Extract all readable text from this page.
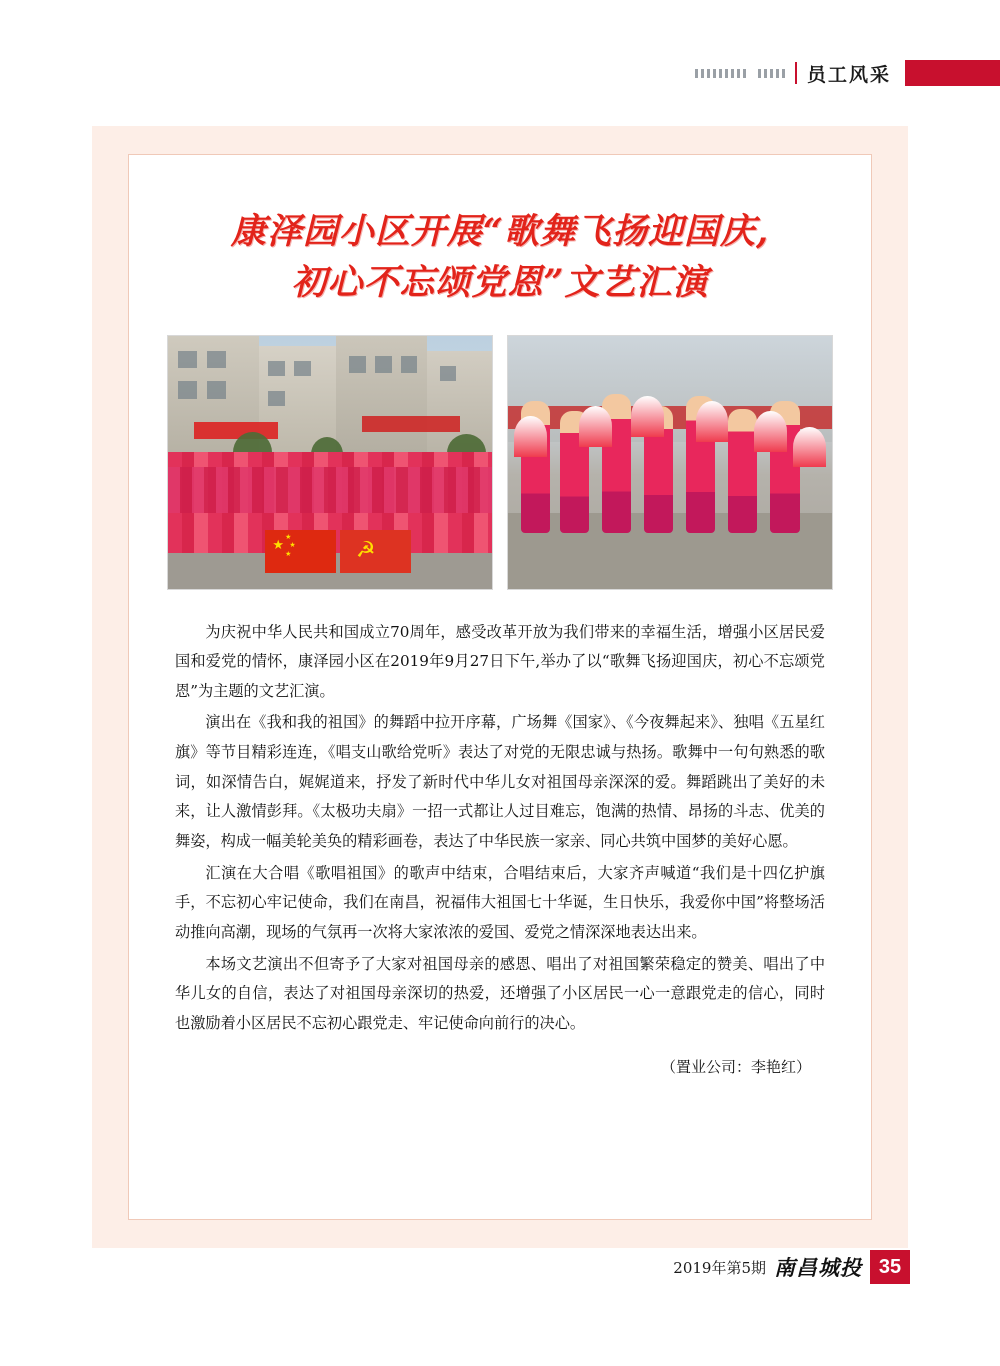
员工风采
康泽园小区开展“歌舞飞扬迎国庆,
初心不忘颂党恩”文艺汇演
★
★
★
★	☭

为庆祝中华人民共和国成立70周年，感受改革开放为我们带来的幸福生活，增强小区居民爱国和爱党的情怀，康泽园小区在2019年9月27日下午,举办了以“歌舞飞扬迎国庆，初心不忘颂党恩”为主题的文艺汇演。

演出在《我和我的祖国》的舞蹈中拉开序幕，广场舞《国家》、《今夜舞起来》、独唱《五星红旗》等节目精彩连连，《唱支山歌给党听》表达了对党的无限忠诚与热扬。歌舞中一句句熟悉的歌词，如深情告白，娓娓道来，抒发了新时代中华儿女对祖国母亲深深的爱。舞蹈跳出了美好的未来，让人激情彭拜。《太极功夫扇》一招一式都让人过目难忘，饱满的热情、昂扬的斗志、优美的舞姿，构成一幅美轮美奂的精彩画卷，表达了中华民族一家亲、同心共筑中国梦的美好心愿。

汇演在大合唱《歌唱祖国》的歌声中结束，合唱结束后，大家齐声喊道“我们是十四亿护旗手，不忘初心牢记使命，我们在南昌，祝福伟大祖国七十华诞，生日快乐，我爱你中国”将整场活动推向高潮，现场的气氛再一次将大家浓浓的爱国、爱党之情深深地表达出来。

本场文艺演出不但寄予了大家对祖国母亲的感恩、唱出了对祖国繁荣稳定的赞美、唱出了中华儿女的自信，表达了对祖国母亲深切的热爱，还增强了小区居民一心一意跟党走的信心，同时也激励着小区居民不忘初心跟党走、牢记使命向前行的决心。

（置业公司：李艳红）
2019年第5期 南昌城投 35
